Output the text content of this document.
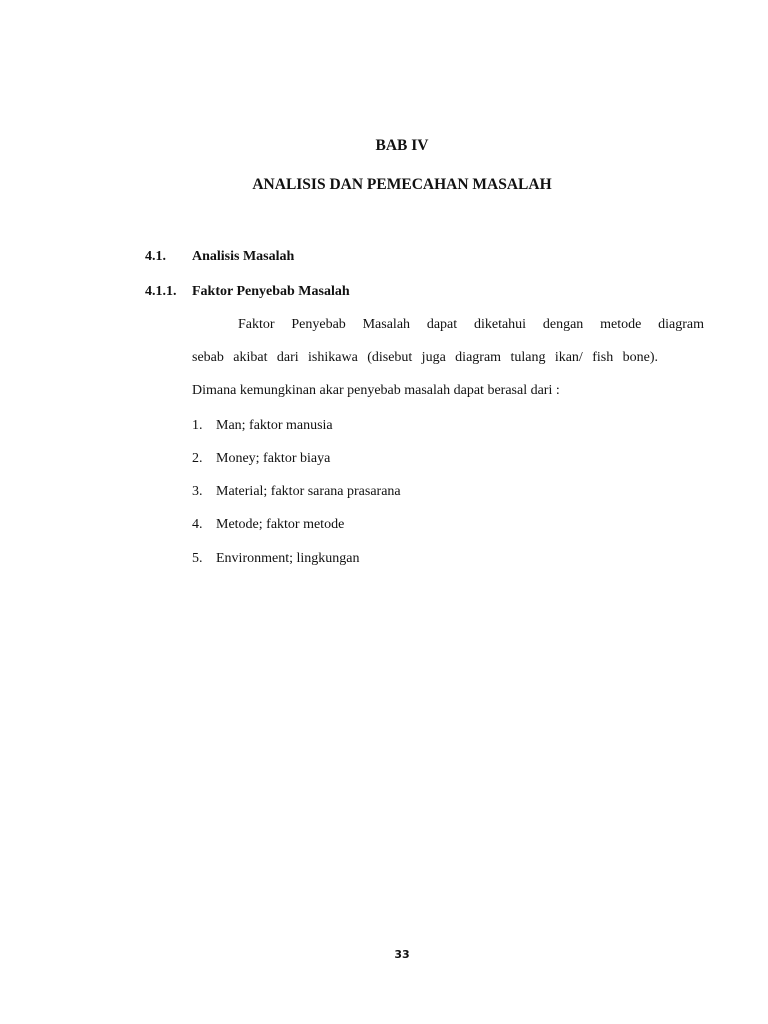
BAB IV
ANALISIS DAN PEMECAHAN MASALAH
4.1. Analisis Masalah
4.1.1. Faktor Penyebab Masalah
Faktor Penyebab Masalah dapat diketahui dengan metode diagram
sebab akibat dari ishikawa (disebut juga diagram tulang ikan/ fish bone).
Dimana kemungkinan akar penyebab masalah dapat berasal dari :
1. Man; faktor manusia
2. Money; faktor biaya
3. Material; faktor sarana prasarana
4. Metode; faktor metode
5. Environment; lingkungan
33
